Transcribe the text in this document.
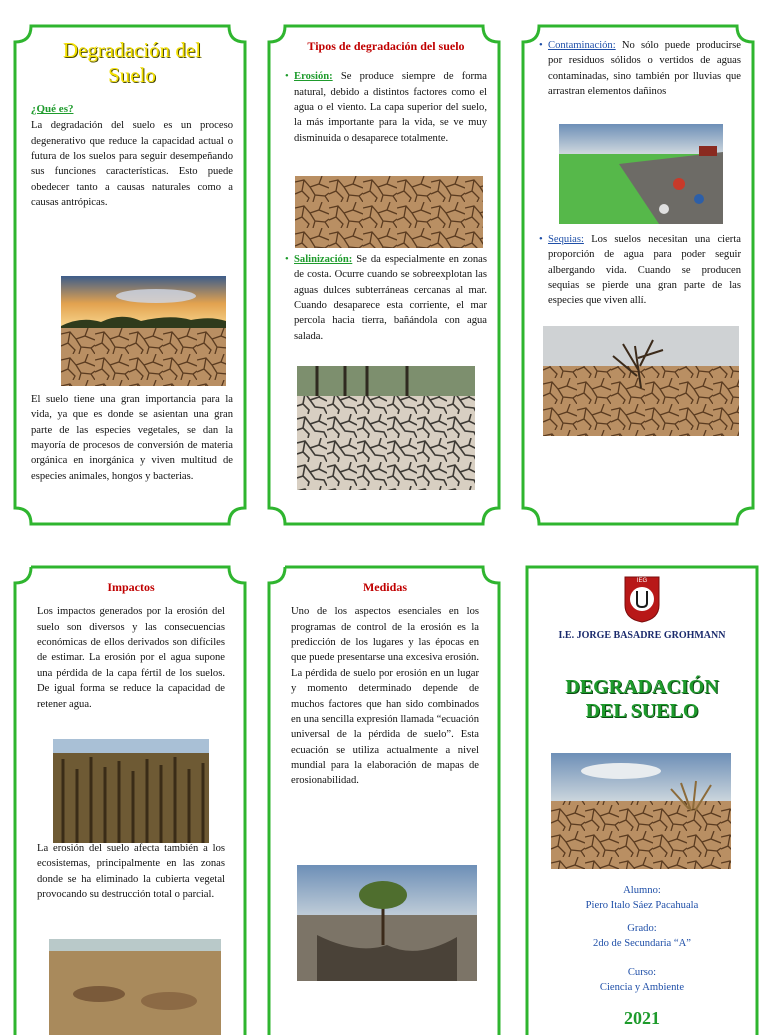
Degradación del Suelo
¿Qué es?

La degradación del suelo es un proceso degenerativo que reduce la capacidad actual o futura de los suelos para seguir desempeñando sus funciones características. Esto puede obedecer tanto a causas naturales como a causas antrópicas.

El suelo tiene una gran importancia para la vida, ya que es donde se asientan una gran parte de las especies vegetales, se dan la mayoría de procesos de conversión de materia orgánica en inorgánica y viven multitud de especies animales, hongos y bacterias.

Tipos de degradación del suelo

• Erosión: Se produce siempre de forma natural, debido a distintos factores como el agua o el viento. La capa superior del suelo, la más importante para la vida, se ve muy disminuida o desaparece totalmente.

• Salinización: Se da especialmente en zonas de costa. Ocurre cuando se sobreexplotan las aguas dulces subterráneas cercanas al mar. Cuando desaparece esta corriente, el mar percola hacia tierra, bañándola con agua salada.

• Contaminación: No sólo puede producirse por residuos sólidos o vertidos de aguas contaminadas, sino también por lluvias que arrastran elementos dañinos

• Sequias: Los suelos necesitan una cierta proporción de agua para poder seguir albergando vida. Cuando se producen sequias se pierde una gran parte de las especies que viven allí.

Impactos

Los impactos generados por la erosión del suelo son diversos y las consecuencias económicas de ellos derivados son difíciles de estimar. La erosión por el agua supone una pérdida de la capa fértil de los suelos. De igual forma se reduce la capacidad de retener agua.

La erosión del suelo afecta también a los ecosistemas, principalmente en las zonas donde se ha eliminado la cubierta vegetal provocando su destrucción total o parcial.

Medidas

Uno de los aspectos esenciales en los programas de control de la erosión es la predicción de los lugares y las épocas en que puede presentarse una excesiva erosión. La pérdida de suelo por erosión en un lugar y momento determinado depende de muchos factores que han sido combinados en una sencilla expresión llamada “ecuación universal de la pérdida de suelo”. Esta ecuación se utiliza actualmente a nivel mundial para la elaboración de mapas de erosionabilidad.

IEG
I.E. JORGE BASADRE GROHMANN
DEGRADACIÓN DEL SUELO
Alumno:
Piero Italo Sáez Pacahuala
Grado:
2do de Secundaria “A”
Curso:
Ciencia y Ambiente
2021
